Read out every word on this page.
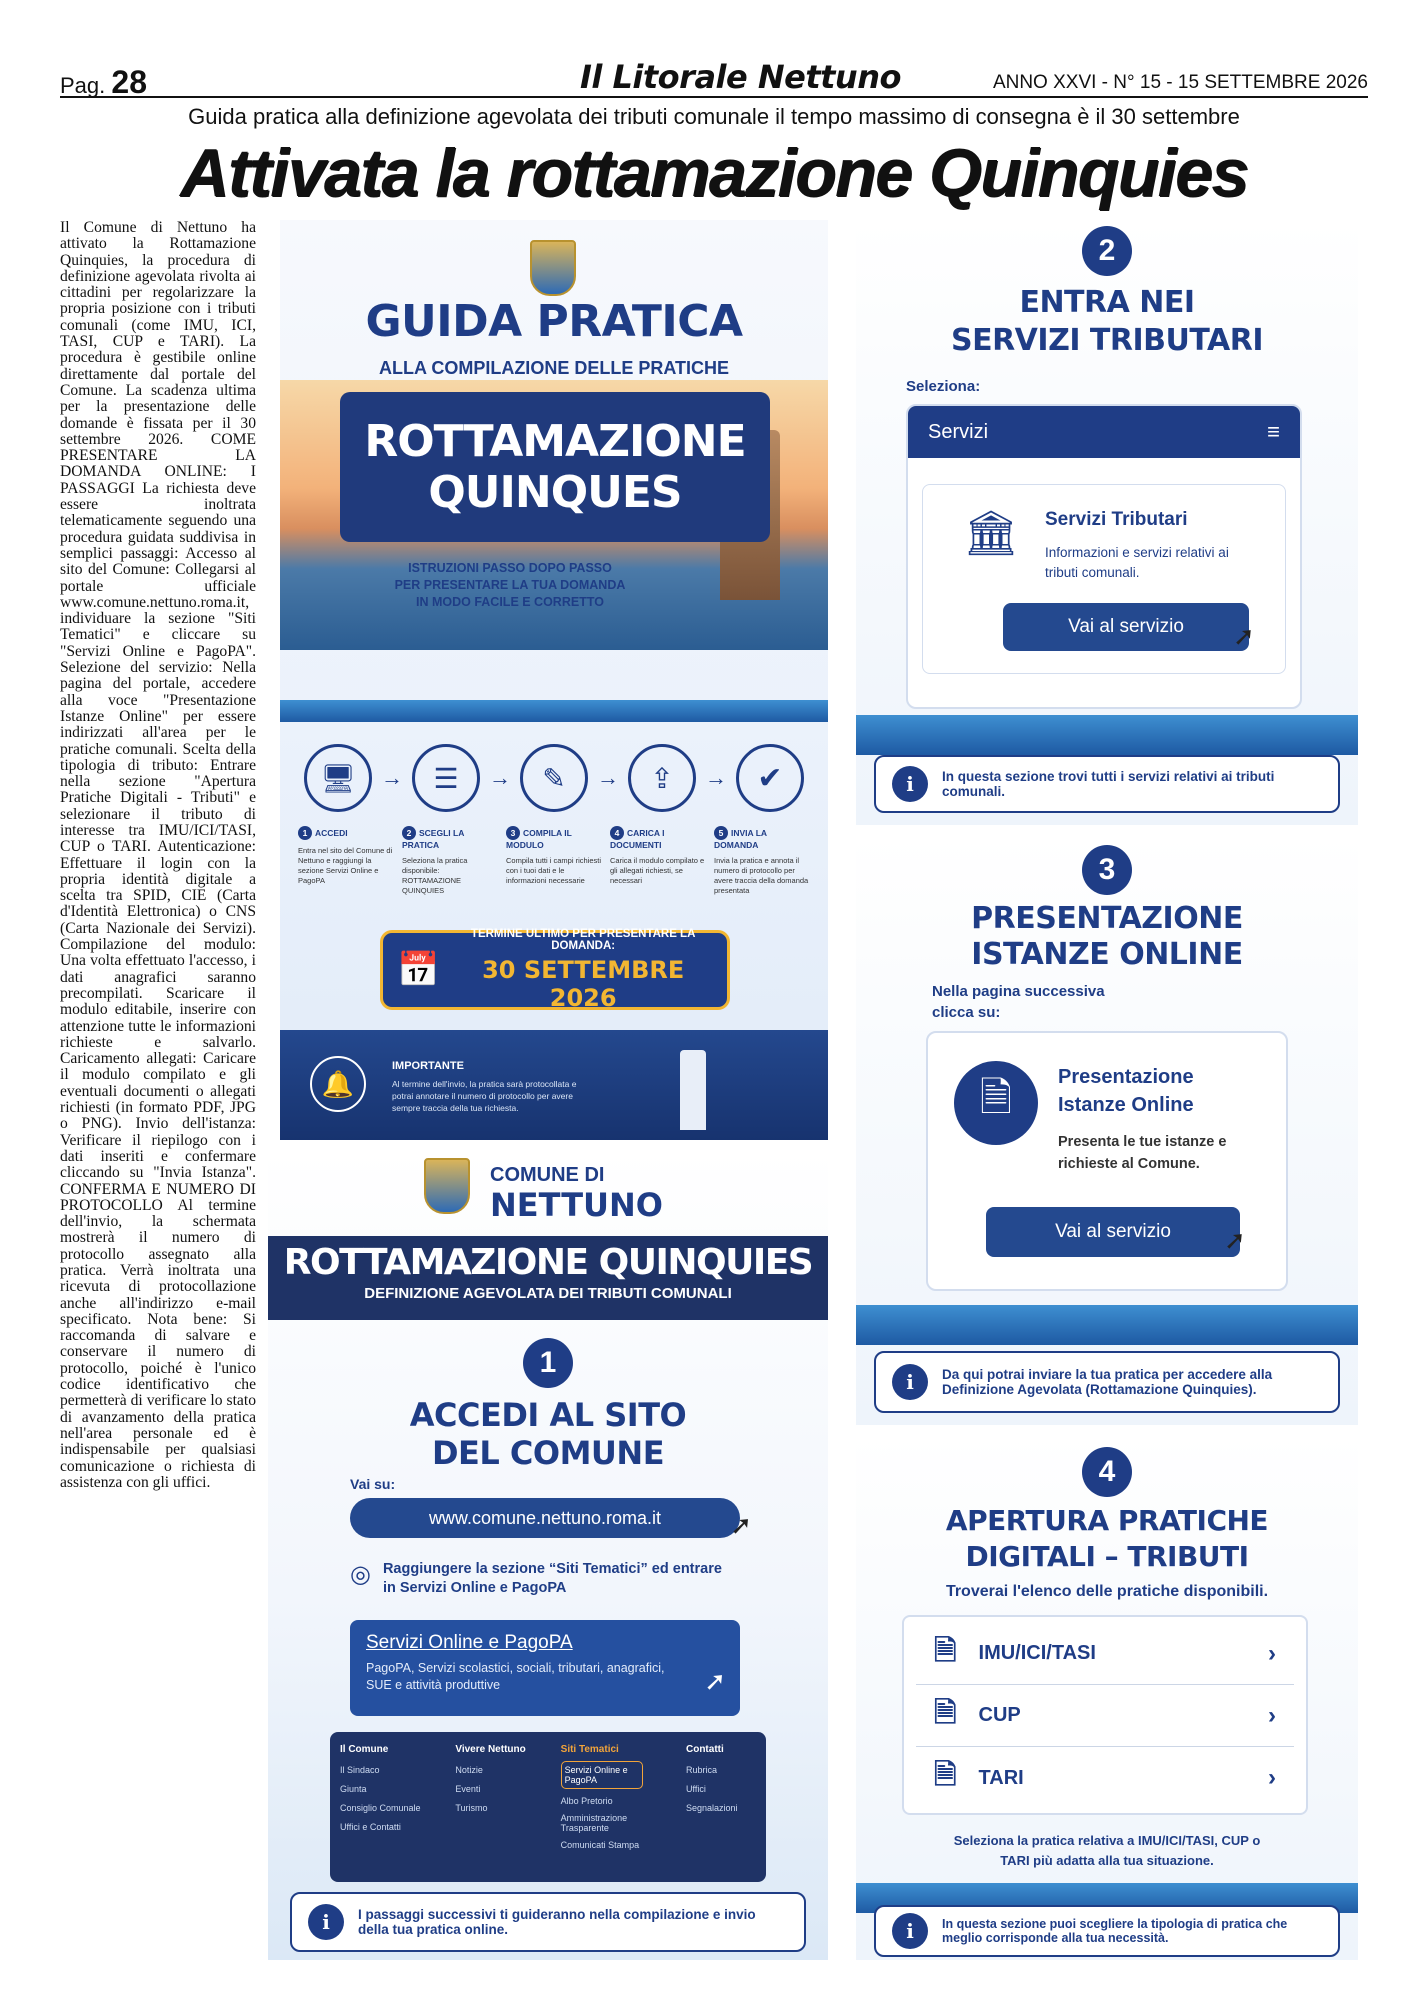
Pag. 28	Il Litorale Nettuno	ANNO XXVI - N° 15 - 15 SETTEMBRE 2026
Guida pratica alla definizione agevolata dei tributi comunale il tempo massimo di consegna è il 30 settembre
Attivata la rottamazione Quinquies
Il Comune di Nettuno ha attivato la Rottamazione Quinquies, la procedura di definizione agevolata rivolta ai cittadini per regolarizzare la propria posizione con i tributi comunali (come IMU, ICI, TASI, CUP e TARI). La procedura è gestibile online direttamente dal portale del Comune. La scadenza ultima per la presentazione delle domande è fissata per il 30 settembre 2026. COME PRESENTARE LA DOMANDA ONLINE: I PASSAGGI La richiesta deve essere inoltrata telematicamente seguendo una procedura guidata suddivisa in semplici passaggi: Accesso al sito del Comune: Collegarsi al portale ufficiale www.comune.nettuno.roma.it, individuare la sezione "Siti Tematici" e cliccare su "Servizi Online e PagoPA". Selezione del servizio: Nella pagina del portale, accedere alla voce "Presentazione Istanze Online" per essere indirizzati all'area per le pratiche comunali. Scelta della tipologia di tributo: Entrare nella sezione "Apertura Pratiche Digitali - Tributi" e selezionare il tributo di interesse tra IMU/ICI/TASI, CUP o TARI. Autenticazione: Effettuare il login con la propria identità digitale a scelta tra SPID, CIE (Carta d'Identità Elettronica) o CNS (Carta Nazionale dei Servizi). Compilazione del modulo: Una volta effettuato l'accesso, i dati anagrafici saranno precompilati. Scaricare il modulo editabile, inserire con attenzione tutte le informazioni richieste e salvarlo. Caricamento allegati: Caricare il modulo compilato e gli eventuali documenti o allegati richiesti (in formato PDF, JPG o PNG). Invio dell'istanza: Verificare il riepilogo con i dati inseriti e confermare cliccando su "Invia Istanza". CONFERMA E NUMERO DI PROTOCOLLO Al termine dell'invio, la schermata mostrerà il numero di protocollo assegnato alla pratica. Verrà inoltrata una ricevuta di protocollazione anche all'indirizzo e-mail specificato. Nota bene: Si raccomanda di salvare e conservare il numero di protocollo, poiché è l'unico codice identificativo che permetterà di verificare lo stato di avanzamento della pratica nell'area personale ed è indispensabile per qualsiasi comunicazione o richiesta di assistenza con gli uffici.
GUIDA PRATICA
ALLA COMPILAZIONE DELLE PRATICHE
ROTTAMAZIONE
QUINQUES
ISTRUZIONI PASSO DOPO PASSO
PER PRESENTARE LA TUA DOMANDA
IN MODO FACILE E CORRETTO
🖥	→	☰	→	✎	→	⇪	→	✔
1 ACCEDI
Entra nel sito del Comune di Nettuno e raggiungi la sezione Servizi Online e PagoPA
2 SCEGLI LA PRATICA
Seleziona la pratica disponibile: ROTTAMAZIONE QUINQUIES
3 COMPILA IL MODULO
Compila tutti i campi richiesti con i tuoi dati e le informazioni necessarie
4 CARICA I DOCUMENTI
Carica il modulo compilato e gli allegati richiesti, se necessari
5 INVIA LA DOMANDA
Invia la pratica e annota il numero di protocollo per avere traccia della domanda presentata
📅
TERMINE ULTIMO PER PRESENTARE LA DOMANDA:
30 SETTEMBRE 2026
🔔
IMPORTANTE
Al termine dell'invio, la pratica sarà protocollata e potrai annotare il numero di protocollo per avere sempre traccia della tua richiesta.
COMUNE DI
NETTUNO
ROTTAMAZIONE QUINQUIES
DEFINIZIONE AGEVOLATA DEI TRIBUTI COMUNALI
1
ACCEDI AL SITO
DEL COMUNE
Vai su:
www.comune.nettuno.roma.it	➚
◎ Raggiungere la sezione “Siti Tematici” ed entrare in Servizi Online e PagoPA
Servizi Online e PagoPA
PagoPA, Servizi scolastici, sociali, tributari, anagrafici, SUE e attività produttive	➚
Il Comune
Il Sindaco
Giunta
Consiglio Comunale
Uffici e Contatti
Vivere Nettuno
Notizie
Eventi
Turismo
Siti Tematici
Servizi Online e PagoPA
Albo Pretorio
Amministrazione Trasparente
Comunicati Stampa
Contatti
Rubrica
Uffici
Segnalazioni
i	I passaggi successivi ti guideranno nella compilazione e invio della tua pratica online.
2
ENTRA NEI
SERVIZI TRIBUTARI
Seleziona:
Servizi	≡
🏛 Servizi Tributari
Informazioni e servizi relativi ai tributi comunali.
Vai al servizio ➚
i	In questa sezione trovi tutti i servizi relativi ai tributi comunali.
3
PRESENTAZIONE
ISTANZE ONLINE
Nella pagina successiva clicca su:
🗎	Presentazione Istanze Online
Presenta le tue istanze e richieste al Comune.
Vai al servizio ➚
i	Da qui potrai inviare la tua pratica per accedere alla Definizione Agevolata (Rottamazione Quinquies).
4
APERTURA PRATICHE
DIGITALI – TRIBUTI
Troverai l'elenco delle pratiche disponibili.
🗎 IMU/ICI/TASI	›
🗎 CUP	›
🗎 TARI	›
Seleziona la pratica relativa a IMU/ICI/TASI, CUP o TARI più adatta alla tua situazione.
i	In questa sezione puoi scegliere la tipologia di pratica che meglio corrisponde alla tua necessità.
